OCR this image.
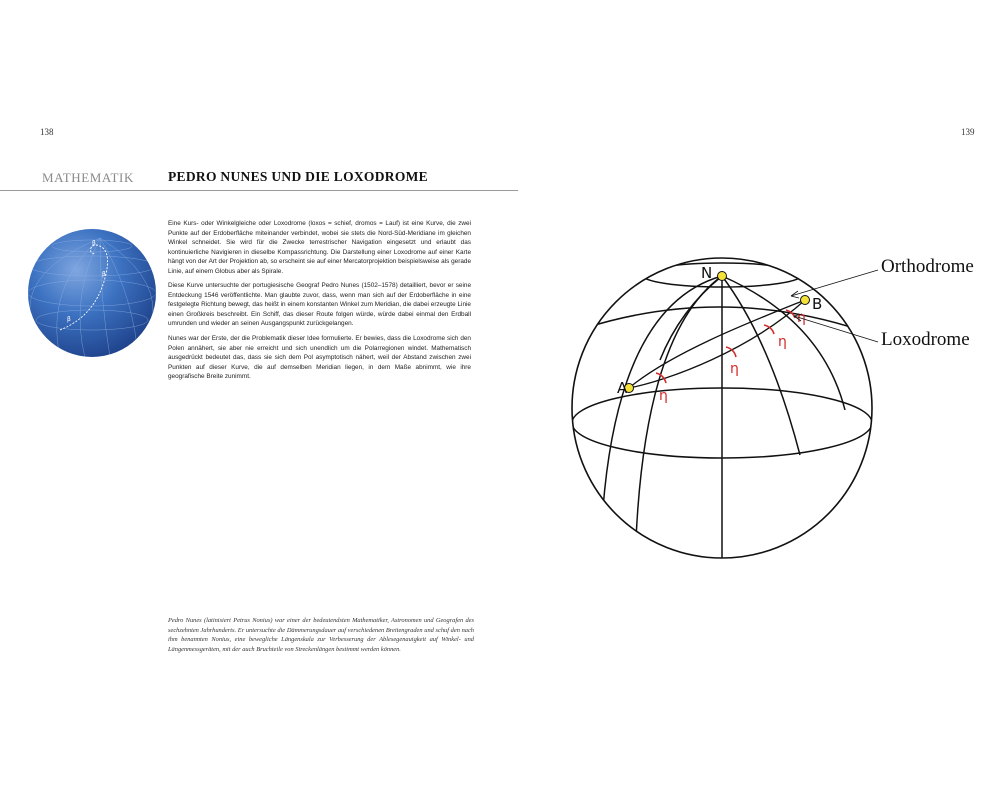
138	139
MATHEMATIK	PEDRO NUNES UND DIE LOXODROME
β
β
β

Eine Kurs- oder Winkelgleiche oder Loxodrome (loxos = schief, dromos = Lauf) ist eine Kurve, die zwei Punkte auf der Erdoberfläche miteinander verbindet, wobei sie stets die Nord-Süd-Meridiane im gleichen Winkel schneidet. Sie wird für die Zwecke terrestrischer Navigation eingesetzt und erlaubt das kontinuierliche Navigieren in dieselbe Kompassrichtung. Die Darstellung einer Loxodrome auf einer Karte hängt von der Art der Projektion ab, so erscheint sie auf einer Mercatorprojektion beispielsweise als gerade Linie, auf einem Globus aber als Spirale.

Diese Kurve untersuchte der portugiesische Geograf Pedro Nunes (1502–1578) detailliert, bevor er seine Entdeckung 1546 veröffentlichte. Man glaubte zuvor, dass, wenn man sich auf der Erdoberfläche in eine festgelegte Richtung bewegt, das heißt in einem konstanten Winkel zum Meridian, die dabei erzeugte Linie einen Großkreis beschreibt. Ein Schiff, das dieser Route folgen würde, würde dabei einmal den Erdball umrunden und wieder an seinen Ausgangspunkt zurückgelangen.

Nunes war der Erste, der die Problematik dieser Idee formulierte. Er bewies, dass die Loxodrome sich den Polen annähert, sie aber nie erreicht und sich unendlich um die Polarregionen windet. Mathematisch ausgedrückt bedeutet das, dass sie sich dem Pol asymptotisch nähert, weil der Abstand zwischen zwei Punkten auf dieser Kurve, die auf demselben Meridian liegen, in dem Maße abnimmt, wie ihre geografische Breite zunimmt.

Pedro Nunes (latinisiert Petrus Nonius) war einer der bedeutendsten Mathematiker, Astronomen und Geografen des sechzehnten Jahrhunderts. Er untersuchte die Dämmerungsdauer auf verschiedenen Breitengraden und schuf den nach ihm benannten Nonius, eine bewegliche Längenskala zur Verbesserung der Ablesegenauigkeit auf Winkel- und Längenmessgeräten, mit der auch Bruchteile von Streckenlängen bestimmt werden können.
η
η
η
η
N
A
B
Orthodrome
Loxodrome
